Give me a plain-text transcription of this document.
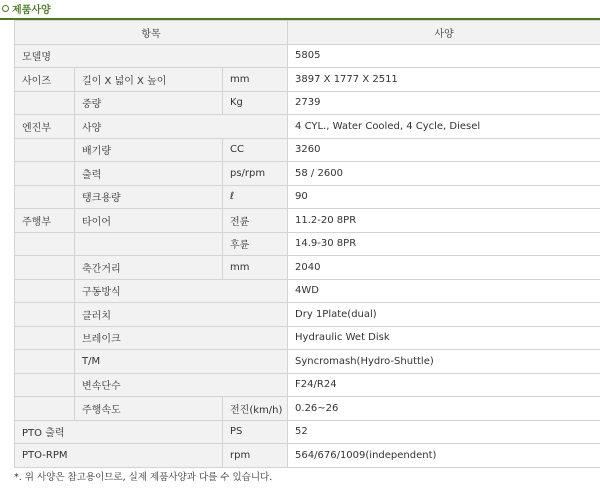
제품사양
항목			사양
모델명			5805
사이즈	길이 X 넓이 X 높이	mm	3897 X 1777 X 2511
	중량	Kg	2739
엔진부	사양		4 CYL., Water Cooled, 4 Cycle, Diesel
	배기량	CC	3260
	출력	ps/rpm	58 / 2600
	탱크용량	ℓ	90
주행부	타이어	전륜	11.2-20 8PR
		후륜	14.9-30 8PR
	축간거리	mm	2040
	구동방식		4WD
	클러치		Dry 1Plate(dual)
	브레이크		Hydraulic Wet Disk
	T/M		Syncromash(Hydro-Shuttle)
	변속단수		F24/R24
	주행속도	전진(km/h)	0.26~26
PTO 출력		PS	52
PTO-RPM		rpm	564/676/1009(independent)
*. 위 사양은 참고용이므로, 실제 제품사양과 다를 수 있습니다.
